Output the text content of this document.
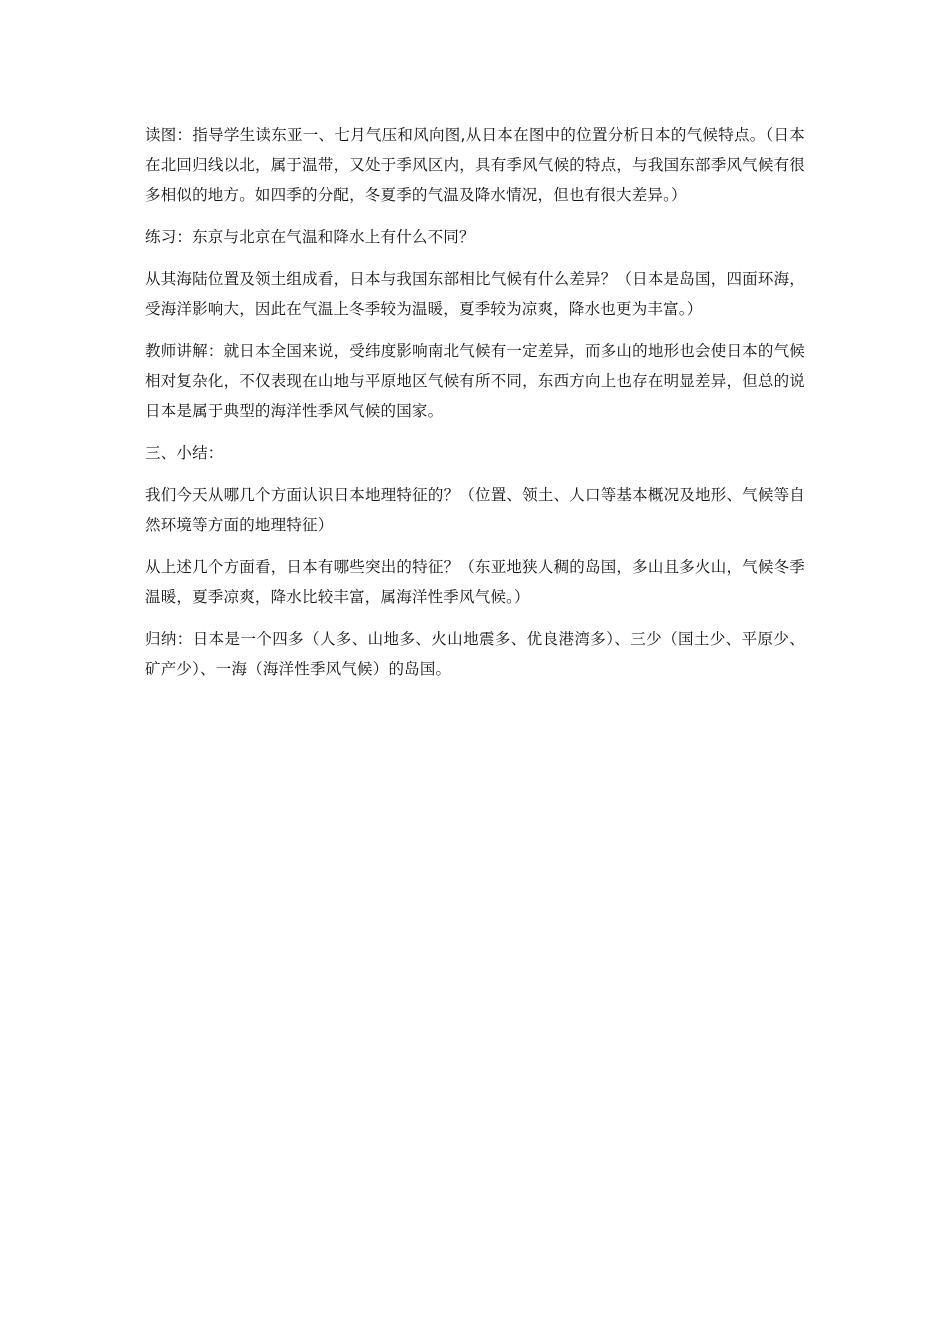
读图：指导学生读东亚一、七月气压和风向图,从日本在图中的位置分析日本的气候特点。（日本在北回归线以北，属于温带，又处于季风区内，具有季风气候的特点，与我国东部季风气候有很多相似的地方。如四季的分配，冬夏季的气温及降水情况，但也有很大差异。）

练习：东京与北京在气温和降水上有什么不同？

从其海陆位置及领土组成看，日本与我国东部相比气候有什么差异？（日本是岛国，四面环海，受海洋影响大，因此在气温上冬季较为温暖，夏季较为凉爽，降水也更为丰富。）

教师讲解：就日本全国来说，受纬度影响南北气候有一定差异，而多山的地形也会使日本的气候相对复杂化，不仅表现在山地与平原地区气候有所不同，东西方向上也存在明显差异，但总的说日本是属于典型的海洋性季风气候的国家。

三、小结：

我们今天从哪几个方面认识日本地理特征的？（位置、领土、人口等基本概况及地形、气候等自然环境等方面的地理特征）

从上述几个方面看，日本有哪些突出的特征？（东亚地狭人稠的岛国，多山且多火山，气候冬季温暖，夏季凉爽，降水比较丰富，属海洋性季风气候。）

归纳：日本是一个四多（人多、山地多、火山地震多、优良港湾多）、三少（国土少、平原少、矿产少）、一海（海洋性季风气候）的岛国。
